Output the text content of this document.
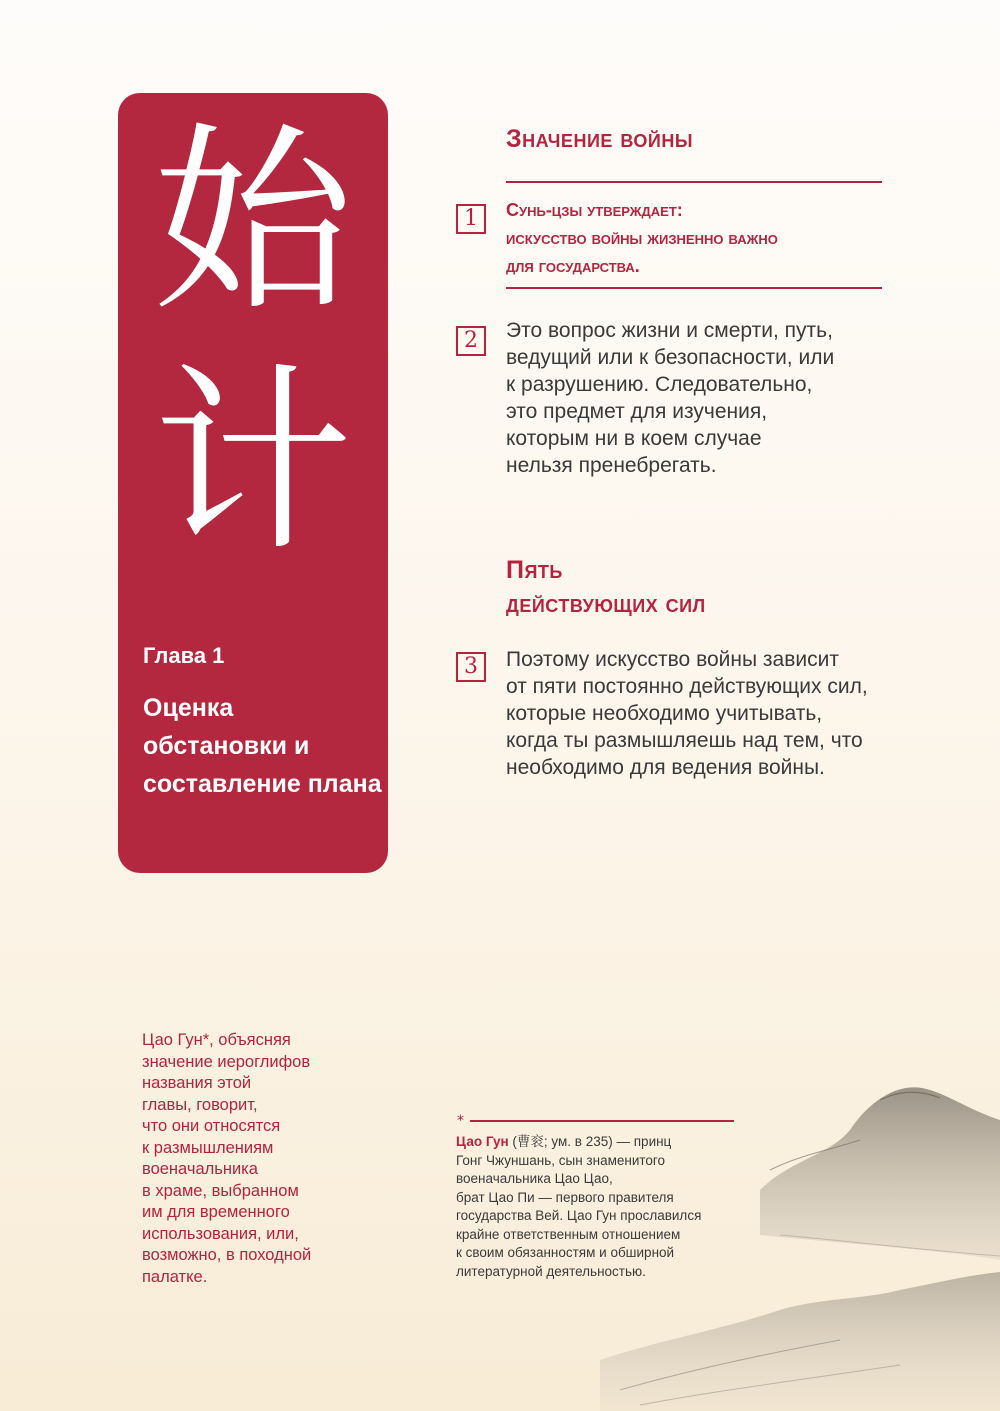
始
计
Глава 1
Оценка обстановки и составление плана
Значение войны
1	Сунь-цзы утверждает:
искусство войны жизненно важно
для государства.
2	Это вопрос жизни и смерти, путь,
ведущий или к безопасности, или
к разрушению. Следовательно,
это предмет для изучения,
которым ни в коем случае
нельзя пренебрегать.
Пять
действующих сил
3	Поэтому искусство войны зависит
от пяти постоянно действующих сил,
которые необходимо учитывать,
когда ты размышляешь над тем, что
необходимо для ведения войны.
Цао Гун*, объясняя
значение иероглифов
названия этой
главы, говорит,
что они относятся
к размышлениям
военачальника
в храме, выбранном
им для временного
использования, или,
возможно, в походной
палатке.
*
Цао Гун (曹衮; ум. в 235) — принц
Гонг Чжуншань, сын знаменитого
военачальника Цао Цао,
брат Цао Пи — первого правителя
государства Вей. Цао Гун прославился
крайне ответственным отношением
к своим обязанностям и обширной
литературной деятельностью.
